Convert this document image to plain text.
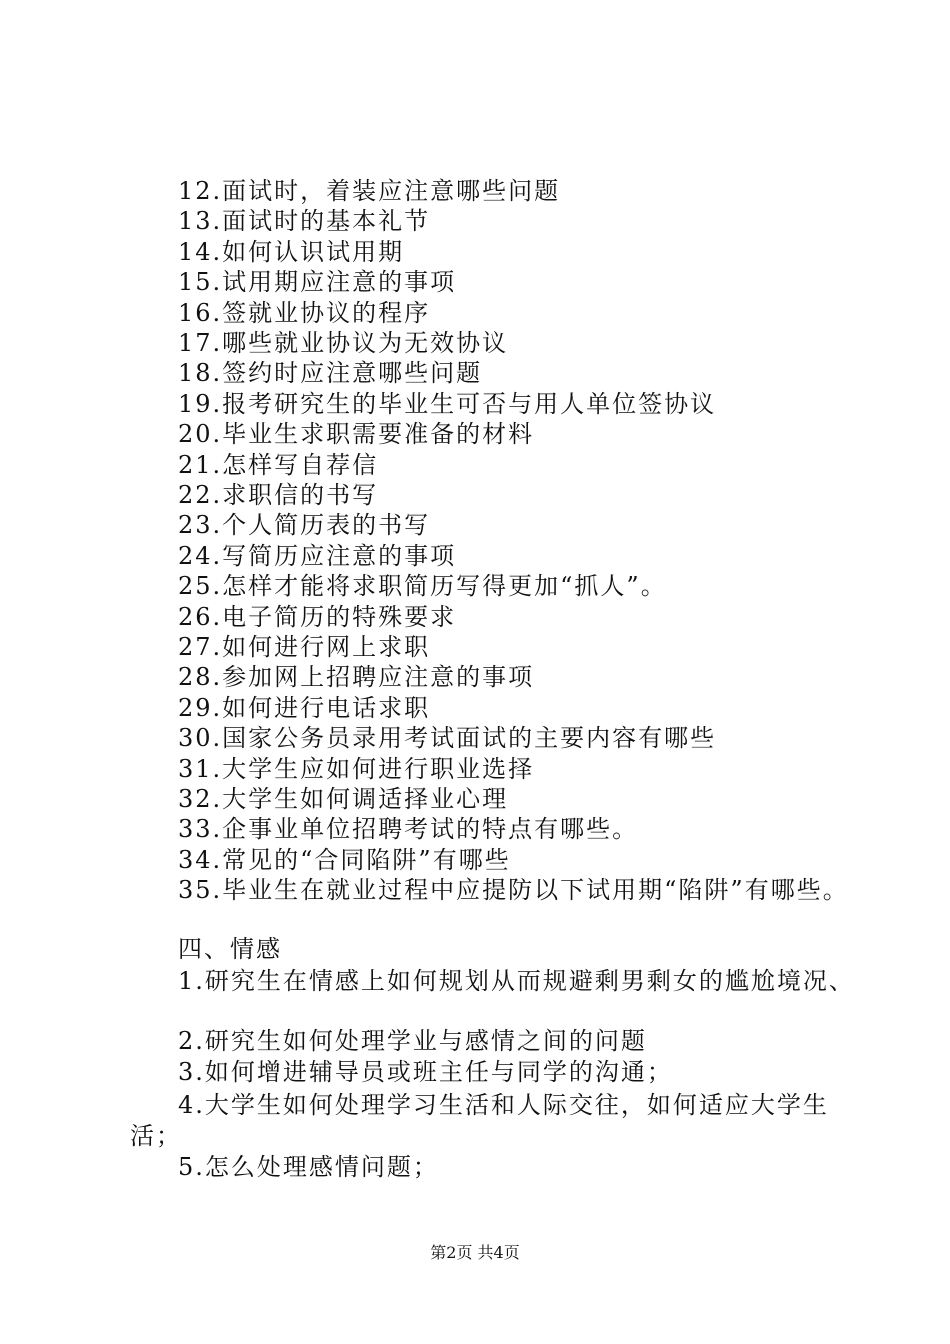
12.面试时，着装应注意哪些问题
13.面试时的基本礼节
14.如何认识试用期
15.试用期应注意的事项
16.签就业协议的程序
17.哪些就业协议为无效协议
18.签约时应注意哪些问题
19.报考研究生的毕业生可否与用人单位签协议
20.毕业生求职需要准备的材料
21.怎样写自荐信
22.求职信的书写
23.个人简历表的书写
24.写简历应注意的事项
25.怎样才能将求职简历写得更加“抓人”。
26.电子简历的特殊要求
27.如何进行网上求职
28.参加网上招聘应注意的事项
29.如何进行电话求职
30.国家公务员录用考试面试的主要内容有哪些
31.大学生应如何进行职业选择
32.大学生如何调适择业心理
33.企事业单位招聘考试的特点有哪些。
34.常见的“合同陷阱”有哪些
35.毕业生在就业过程中应提防以下试用期“陷阱”有哪些。
四、情感
1.研究生在情感上如何规划从而规避剩男剩女的尴尬境况、
2.研究生如何处理学业与感情之间的问题
3.如何增进辅导员或班主任与同学的沟通；
4.大学生如何处理学习生活和人际交往，如何适应大学生
活；
5.怎么处理感情问题；
第2页 共4页
